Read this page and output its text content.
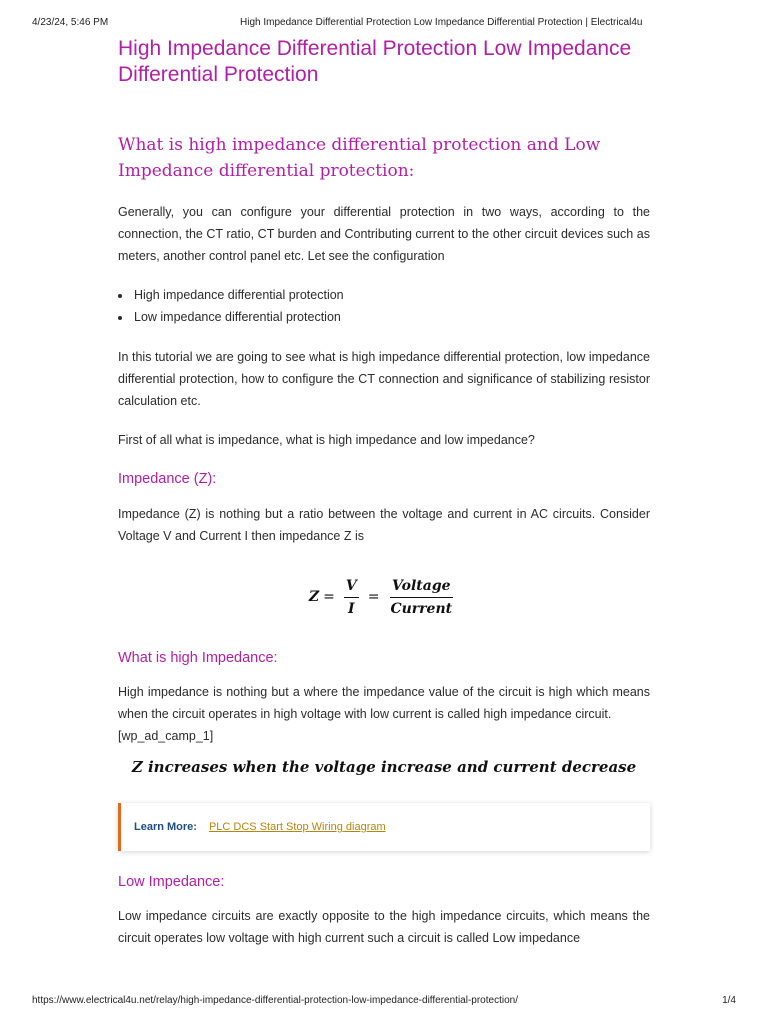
4/23/24, 5:46 PM	High Impedance Differential Protection Low Impedance Differential Protection | Electrical4u
High Impedance Differential Protection Low Impedance Differential Protection
What is high impedance differential protection and Low Impedance differential protection:

Generally, you can configure your differential protection in two ways, according to the connection, the CT ratio, CT burden and Contributing current to the other circuit devices such as meters, another control panel etc. Let see the configuration

• High impedance differential protection
• Low impedance differential protection

In this tutorial we are going to see what is high impedance differential protection, low impedance differential protection, how to configure the CT connection and significance of stabilizing resistor calculation etc.

First of all what is impedance, what is high impedance and low impedance?

Impedance (Z):

Impedance (Z) is nothing but a ratio between the voltage and current in AC circuits. Consider Voltage V and Current I then impedance Z is

$Z = \frac{V}{I} = \frac{\text{Voltage}}{\text{Current}}$
What is high Impedance:

High impedance is nothing but a where the impedance value of the circuit is high which means when the circuit operates in high voltage with low current is called high impedance circuit.

[wp_ad_camp_1]

Z increases when the voltage increase and current decrease
Learn More: PLC DCS Start Stop Wiring diagram
Low Impedance:

Low impedance circuits are exactly opposite to the high impedance circuits, which means the circuit operates low voltage with high current such a circuit is called Low impedance

https://www.electrical4u.net/relay/high-impedance-differential-protection-low-impedance-differential-protection/	1/4
